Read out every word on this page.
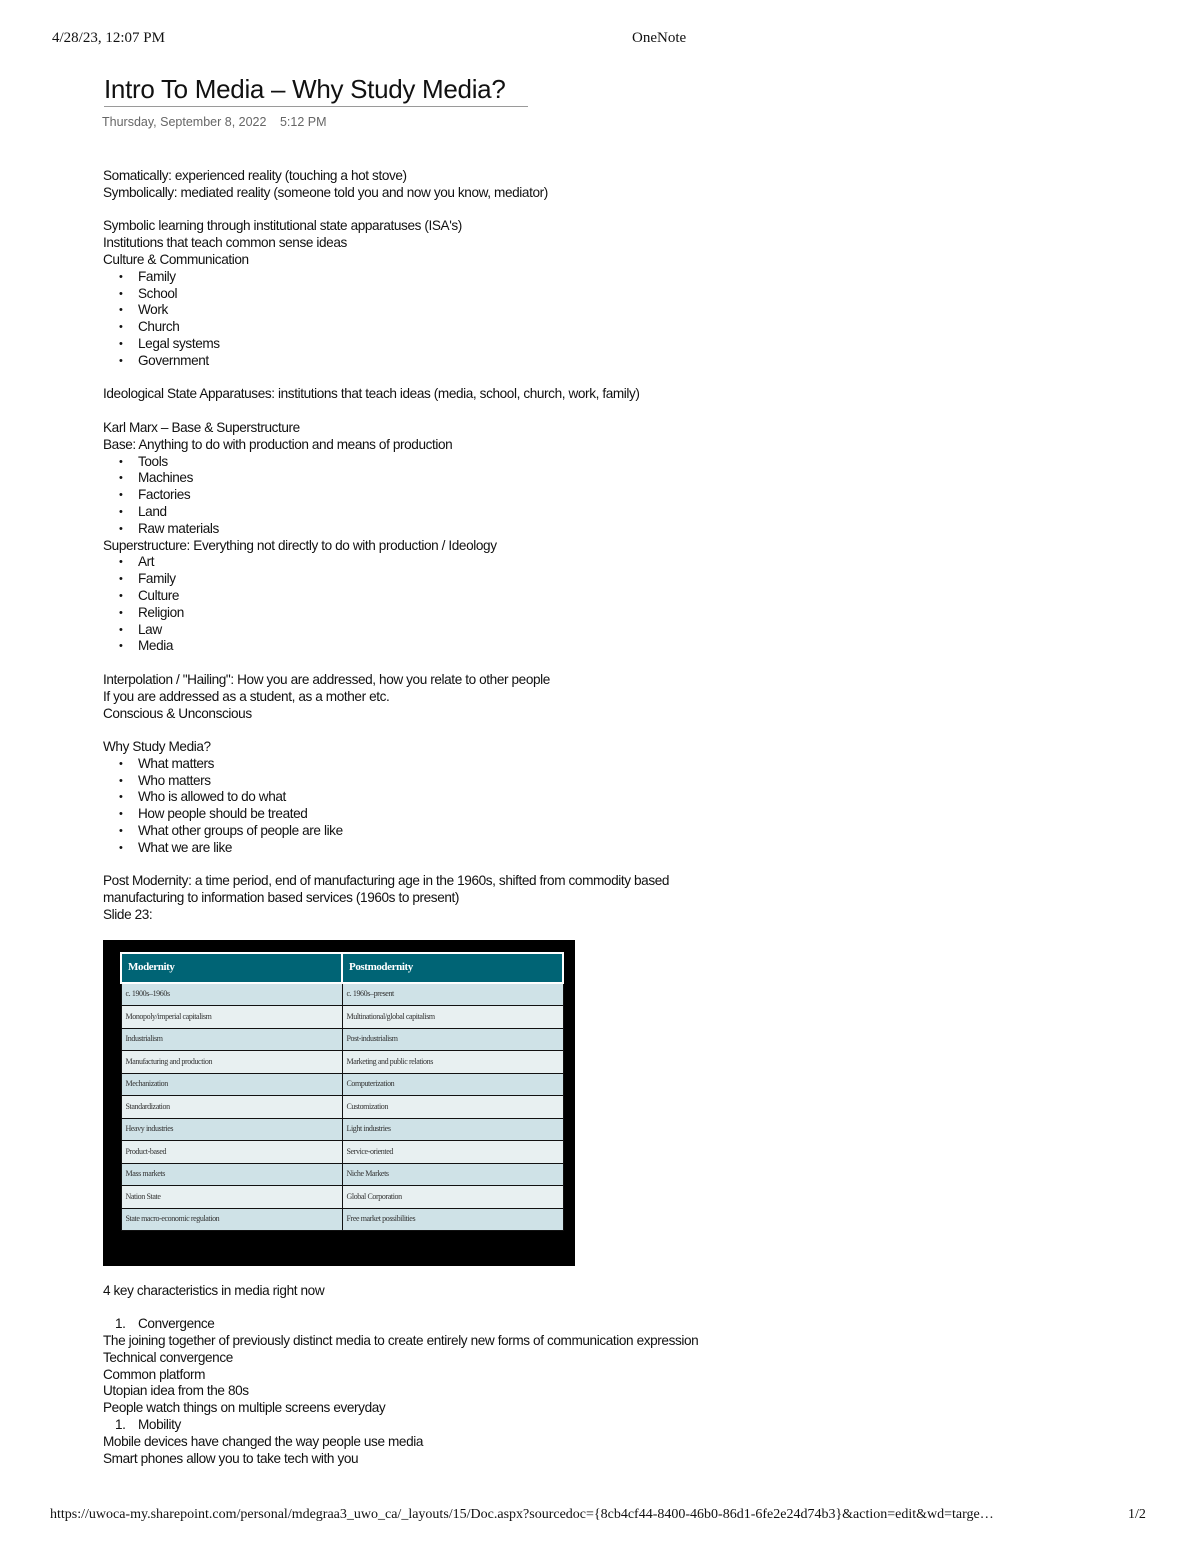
4/28/23, 12:07 PM	OneNote
Intro To Media – Why Study Media?
Thursday, September 8, 2022 5:12 PM

Somatically: experienced reality (touching a hot stove)

Symbolically: mediated reality (someone told you and now you know, mediator)

Symbolic learning through institutional state apparatuses (ISA's)

Institutions that teach common sense ideas

Culture & Communication

• Family
• School
• Work
• Church
• Legal systems
• Government

Ideological State Apparatuses: institutions that teach ideas (media, school, church, work, family)

Karl Marx – Base & Superstructure

Base: Anything to do with production and means of production

• Tools
• Machines
• Factories
• Land
• Raw materials

Superstructure: Everything not directly to do with production / Ideology

• Art
• Family
• Culture
• Religion
• Law
• Media

Interpolation / "Hailing": How you are addressed, how you relate to other people

If you are addressed as a student, as a mother etc.

Conscious & Unconscious

Why Study Media?

• What matters
• Who matters
• Who is allowed to do what
• How people should be treated
• What other groups of people are like
• What we are like

Post Modernity: a time period, end of manufacturing age in the 1960s, shifted from commodity based manufacturing to information based services (1960s to present)

Slide 23:

Modernity	Postmodernity
c. 1900s–1960s	c. 1960s–present
Monopoly/imperial capitalism	Multinational/global capitalism
Industrialism	Post-industrialism
Manufacturing and production	Marketing and public relations
Mechanization	Computerization
Standardization	Customization
Heavy industries	Light industries
Product-based	Service-oriented
Mass markets	Niche Markets
Nation State	Global Corporation
State macro-economic regulation	Free market possibilities

4 key characteristics in media right now

1. Convergence

The joining together of previously distinct media to create entirely new forms of communication expression

Technical convergence

Common platform

Utopian idea from the 80s

People watch things on multiple screens everyday

1. Mobility

Mobile devices have changed the way people use media

Smart phones allow you to take tech with you

https://uwoca-my.sharepoint.com/personal/mdegraa3_uwo_ca/_layouts/15/Doc.aspx?sourcedoc={8cb4cf44-8400-46b0-86d1-6fe2e24d74b3}&action=edit&wd=targe…	1/2
